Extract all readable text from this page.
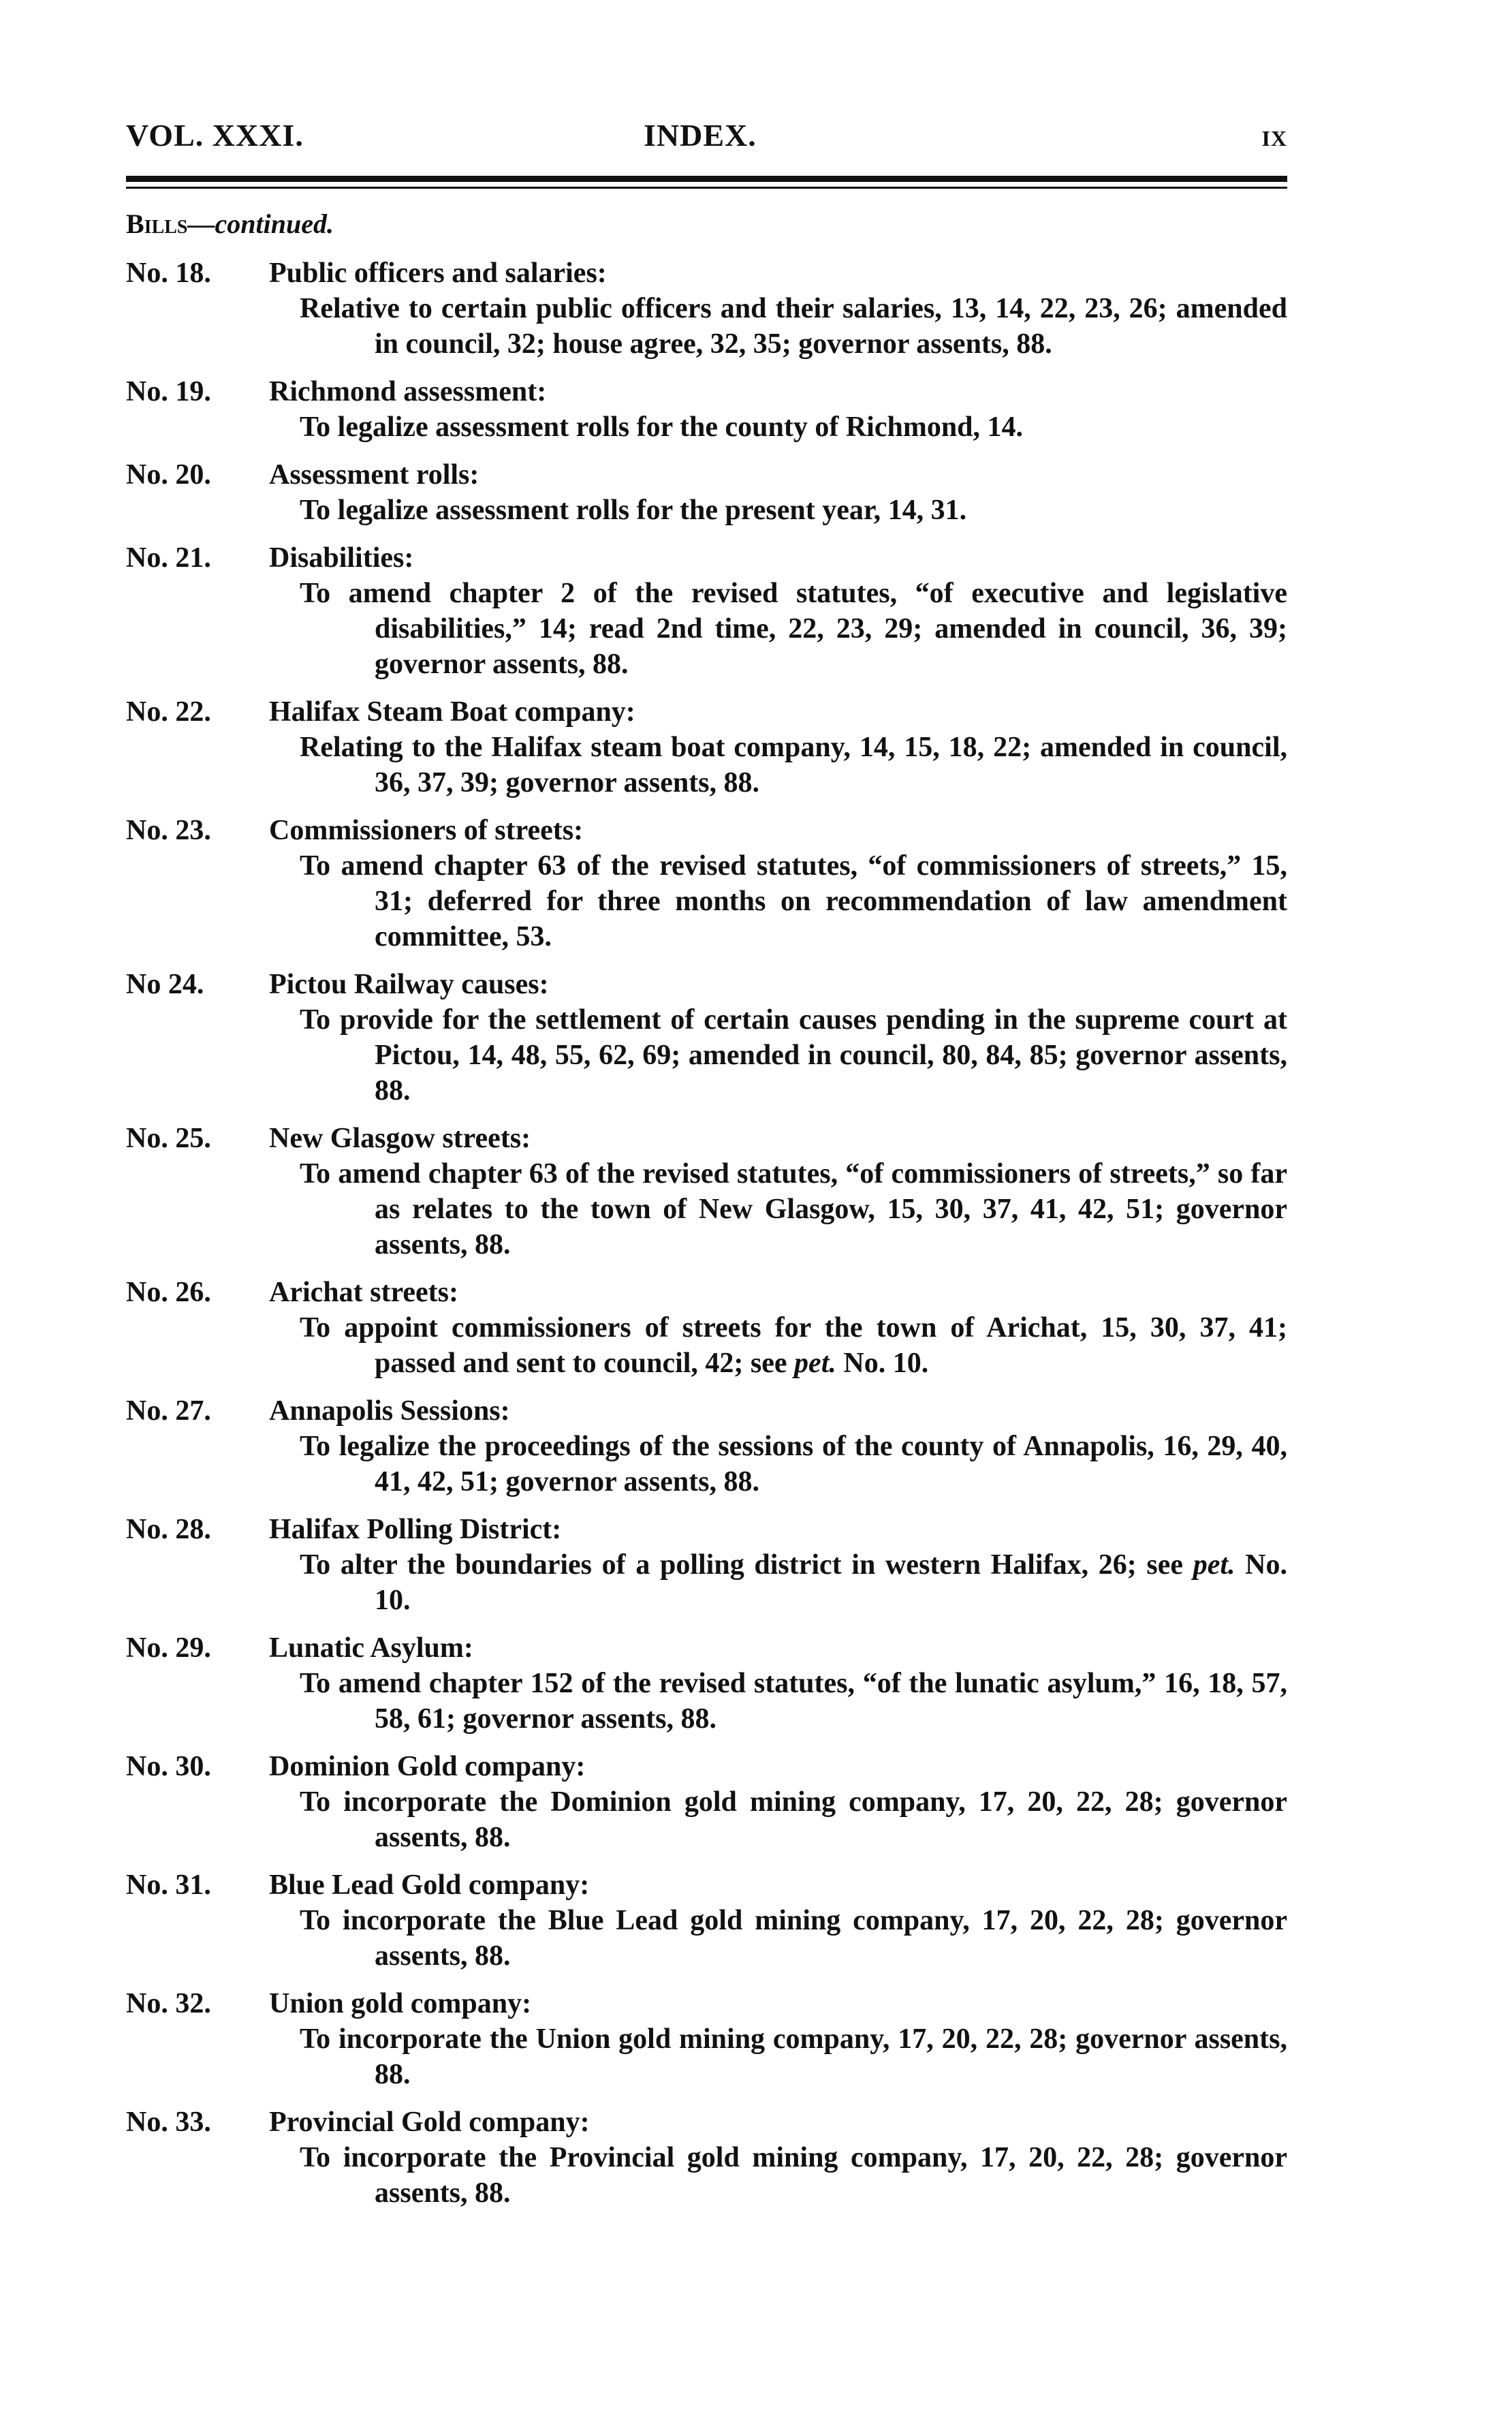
VOL. XXXI.	INDEX.	ix
Bills—continued.
No. 18.	Public officers and salaries:
Relative to certain public officers and their salaries, 13, 14, 22, 23, 26; amended in council, 32; house agree, 32, 35; governor assents, 88.
No. 19.	Richmond assessment:
To legalize assessment rolls for the county of Richmond, 14.
No. 20.	Assessment rolls:
To legalize assessment rolls for the present year, 14, 31.
No. 21.	Disabilities:
To amend chapter 2 of the revised statutes, “of executive and legislative disabilities,” 14; read 2nd time, 22, 23, 29; amended in council, 36, 39; governor assents, 88.
No. 22.	Halifax Steam Boat company:
Relating to the Halifax steam boat company, 14, 15, 18, 22; amended in council, 36, 37, 39; governor assents, 88.
No. 23.	Commissioners of streets:
To amend chapter 63 of the revised statutes, “of commissioners of streets,” 15, 31; deferred for three months on recommendation of law amendment committee, 53.
No 24.	Pictou Railway causes:
To provide for the settlement of certain causes pending in the supreme court at Pictou, 14, 48, 55, 62, 69; amended in council, 80, 84, 85; governor assents, 88.
No. 25.	New Glasgow streets:
To amend chapter 63 of the revised statutes, “of commissioners of streets,” so far as relates to the town of New Glasgow, 15, 30, 37, 41, 42, 51; governor assents, 88.
No. 26.	Arichat streets:
To appoint commissioners of streets for the town of Arichat, 15, 30, 37, 41; passed and sent to council, 42; see pet. No. 10.
No. 27.	Annapolis Sessions:
To legalize the proceedings of the sessions of the county of Annapolis, 16, 29, 40, 41, 42, 51; governor assents, 88.
No. 28.	Halifax Polling District:
To alter the boundaries of a polling district in western Halifax, 26; see pet. No. 10.
No. 29.	Lunatic Asylum:
To amend chapter 152 of the revised statutes, “of the lunatic asylum,” 16, 18, 57, 58, 61; governor assents, 88.
No. 30.	Dominion Gold company:
To incorporate the Dominion gold mining company, 17, 20, 22, 28; governor assents, 88.
No. 31.	Blue Lead Gold company:
To incorporate the Blue Lead gold mining company, 17, 20, 22, 28; governor assents, 88.
No. 32.	Union gold company:
To incorporate the Union gold mining company, 17, 20, 22, 28; governor assents, 88.
No. 33.	Provincial Gold company:
To incorporate the Provincial gold mining company, 17, 20, 22, 28; governor assents, 88.
